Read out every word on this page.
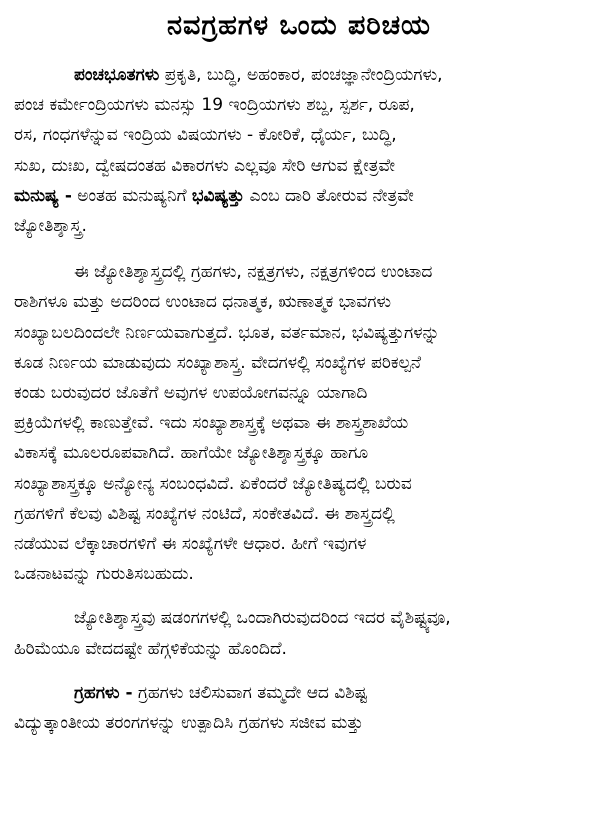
ನವಗ್ರಹಗಳ ಒಂದು ಪರಿಚಯ
ಪಂಚಭೂತಗಳು ಪ್ರಕೃತಿ, ಬುದ್ಧಿ, ಅಹಂಕಾರ, ಪಂಚಜ್ಞಾನೇಂದ್ರಿಯಗಳು,
ಪಂಚ ಕರ್ಮೇಂದ್ರಿಯಗಳು ಮನಸ್ಸು 19 ಇಂದ್ರಿಯಗಳು ಶಬ್ದ, ಸ್ಪರ್ಶ, ರೂಪ,
ರಸ, ಗಂಧಗಳೆನ್ನುವ ಇಂದ್ರಿಯ ವಿಷಯಗಳು - ಕೋರಿಕೆ, ಧೈರ್ಯ, ಬುದ್ಧಿ,
ಸುಖ, ದುಃಖ, ದ್ವೇಷದಂತಹ ವಿಕಾರಗಳು ಎಲ್ಲವೂ ಸೇರಿ ಆಗುವ ಕ್ಷೇತ್ರವೇ
ಮನುಷ್ಯ - ಅಂತಹ ಮನುಷ್ಯನಿಗೆ ಭವಿಷ್ಯತ್ತು ಎಂಬ ದಾರಿ ತೋರುವ ನೇತ್ರವೇ
ಜ್ಯೋತಿಶ್ಶಾಸ್ತ್ರ.
ಈ ಜ್ಯೋತಿಶ್ಶಾಸ್ತ್ರದಲ್ಲಿ ಗ್ರಹಗಳು, ನಕ್ಷತ್ರಗಳು, ನಕ್ಷತ್ರಗಳಿಂದ ಉಂಟಾದ
ರಾಶಿಗಳೂ ಮತ್ತು ಅದರಿಂದ ಉಂಟಾದ ಧನಾತ್ಮಕ, ಋಣಾತ್ಮಕ ಭಾವಗಳು
ಸಂಖ್ಯಾಬಲದಿಂದಲೇ ನಿರ್ಣಯವಾಗುತ್ತದೆ. ಭೂತ, ವರ್ತಮಾನ, ಭವಿಷ್ಯತ್ತುಗಳನ್ನು
ಕೂಡ ನಿರ್ಣಯ ಮಾಡುವುದು ಸಂಖ್ಯಾಶಾಸ್ತ್ರ. ವೇದಗಳಲ್ಲಿ ಸಂಖ್ಯೆಗಳ ಪರಿಕಲ್ಪನೆ
ಕಂಡು ಬರುವುದರ ಜೊತೆಗೆ ಅವುಗಳ ಉಪಯೋಗವನ್ನೂ ಯಾಗಾದಿ
ಪ್ರಕ್ರಿಯೆಗಳಲ್ಲಿ ಕಾಣುತ್ತೇವೆ. ಇದು ಸಂಖ್ಯಾಶಾಸ್ತ್ರಕ್ಕೆ ಅಥವಾ ಈ ಶಾಸ್ತ್ರಶಾಖೆಯ
ವಿಕಾಸಕ್ಕೆ ಮೂಲರೂಪವಾಗಿದೆ. ಹಾಗೆಯೇ ಜ್ಯೋತಿಶ್ಶಾಸ್ತ್ರಕ್ಕೂ ಹಾಗೂ
ಸಂಖ್ಯಾಶಾಸ್ತ್ರಕ್ಕೂ ಅನ್ಯೋನ್ಯ ಸಂಬಂಧವಿದೆ. ಏಕೆಂದರೆ ಜ್ಯೋತಿಷ್ಯದಲ್ಲಿ ಬರುವ
ಗ್ರಹಗಳಿಗೆ ಕೆಲವು ವಿಶಿಷ್ಟ ಸಂಖ್ಯೆಗಳ ನಂಟಿದೆ, ಸಂಕೇತವಿದೆ. ಈ ಶಾಸ್ತ್ರದಲ್ಲಿ
ನಡೆಯುವ ಲೆಕ್ಕಾಚಾರಗಳಿಗೆ ಈ ಸಂಖ್ಯೆಗಳೇ ಆಧಾರ. ಹೀಗೆ ಇವುಗಳ
ಒಡನಾಟವನ್ನು ಗುರುತಿಸಬಹುದು.
ಜ್ಯೋತಿಶ್ಶಾಸ್ತ್ರವು ಷಡಂಗಗಳಲ್ಲಿ ಒಂದಾಗಿರುವುದರಿಂದ ಇದರ ವೈಶಿಷ್ಟ್ಯವೂ,
ಹಿರಿಮೆಯೂ ವೇದದಷ್ಟೇ ಹೆಗ್ಗಳಿಕೆಯನ್ನು ಹೊಂದಿದೆ.
ಗ್ರಹಗಳು - ಗ್ರಹಗಳು ಚಲಿಸುವಾಗ ತಮ್ಮದೇ ಆದ ವಿಶಿಷ್ಟ
ವಿದ್ಯುತ್ಕಾಂತೀಯ ತರಂಗಗಳನ್ನು ಉತ್ಪಾದಿಸಿ ಗ್ರಹಗಳು ಸಜೀವ ಮತ್ತು
